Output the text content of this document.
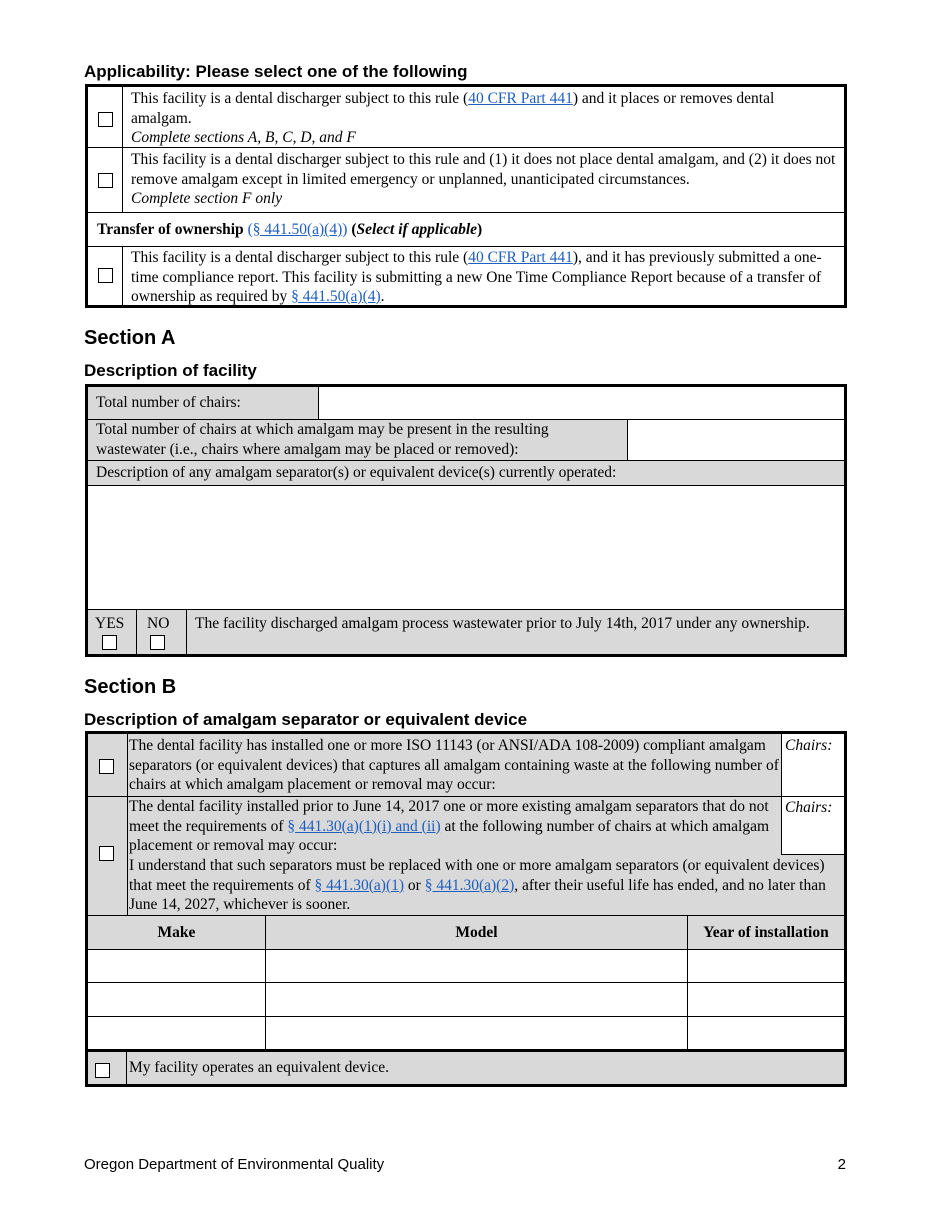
Applicability: Please select one of the following
This facility is a dental discharger subject to this rule (40 CFR Part 441) and it places or removes dental amalgam.
Complete sections A, B, C, D, and F
This facility is a dental discharger subject to this rule and (1) it does not place dental amalgam, and (2) it does not remove amalgam except in limited emergency or unplanned, unanticipated circumstances.
Complete section F only
Transfer of ownership (§ 441.50(a)(4)) (Select if applicable)
This facility is a dental discharger subject to this rule (40 CFR Part 441), and it has previously submitted a one-time compliance report. This facility is submitting a new One Time Compliance Report because of a transfer of ownership as required by § 441.50(a)(4).
Section A
Description of facility
Total number of chairs:
Total number of chairs at which amalgam may be present in the resulting wastewater (i.e., chairs where amalgam may be placed or removed):
Description of any amalgam separator(s) or equivalent device(s) currently operated:
YES NO	The facility discharged amalgam process wastewater prior to July 14th, 2017 under any ownership.
Section B
Description of amalgam separator or equivalent device
The dental facility has installed one or more ISO 11143 (or ANSI/ADA 108-2009) compliant amalgam separators (or equivalent devices) that captures all amalgam containing waste at the following number of chairs at which amalgam placement or removal may occur:
Chairs:
The dental facility installed prior to June 14, 2017 one or more existing amalgam separators that do not meet the requirements of § 441.30(a)(1)(i) and (ii) at the following number of chairs at which amalgam placement or removal may occur:
Chairs:
I understand that such separators must be replaced with one or more amalgam separators (or equivalent devices) that meet the requirements of § 441.30(a)(1) or § 441.30(a)(2), after their useful life has ended, and no later than June 14, 2027, whichever is sooner.
Make	Model	Year of installation
My facility operates an equivalent device.
Oregon Department of Environmental Quality	2
